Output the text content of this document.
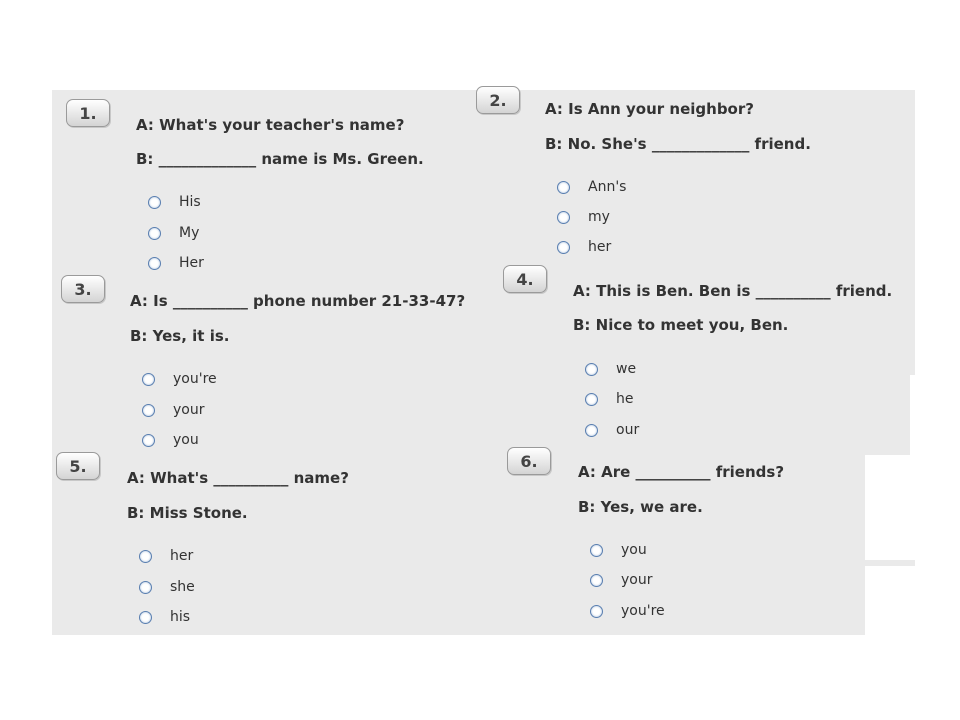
1.
A: What's your teacher's name?
B: _____________ name is Ms. Green.
His
My
Her
2.	A: Is Ann your neighbor?
B: No. She's _____________ friend.
Ann's
my
her
3.
A: Is __________ phone number 21-33-47?
B: Yes, it is.
you're
your
you
4.
A: This is Ben. Ben is __________ friend.
B: Nice to meet you, Ben.
we
he
our
5.
A: What's __________ name?
B: Miss Stone.
her
she
his
6.
A: Are __________ friends?
B: Yes, we are.
you
your
you're
